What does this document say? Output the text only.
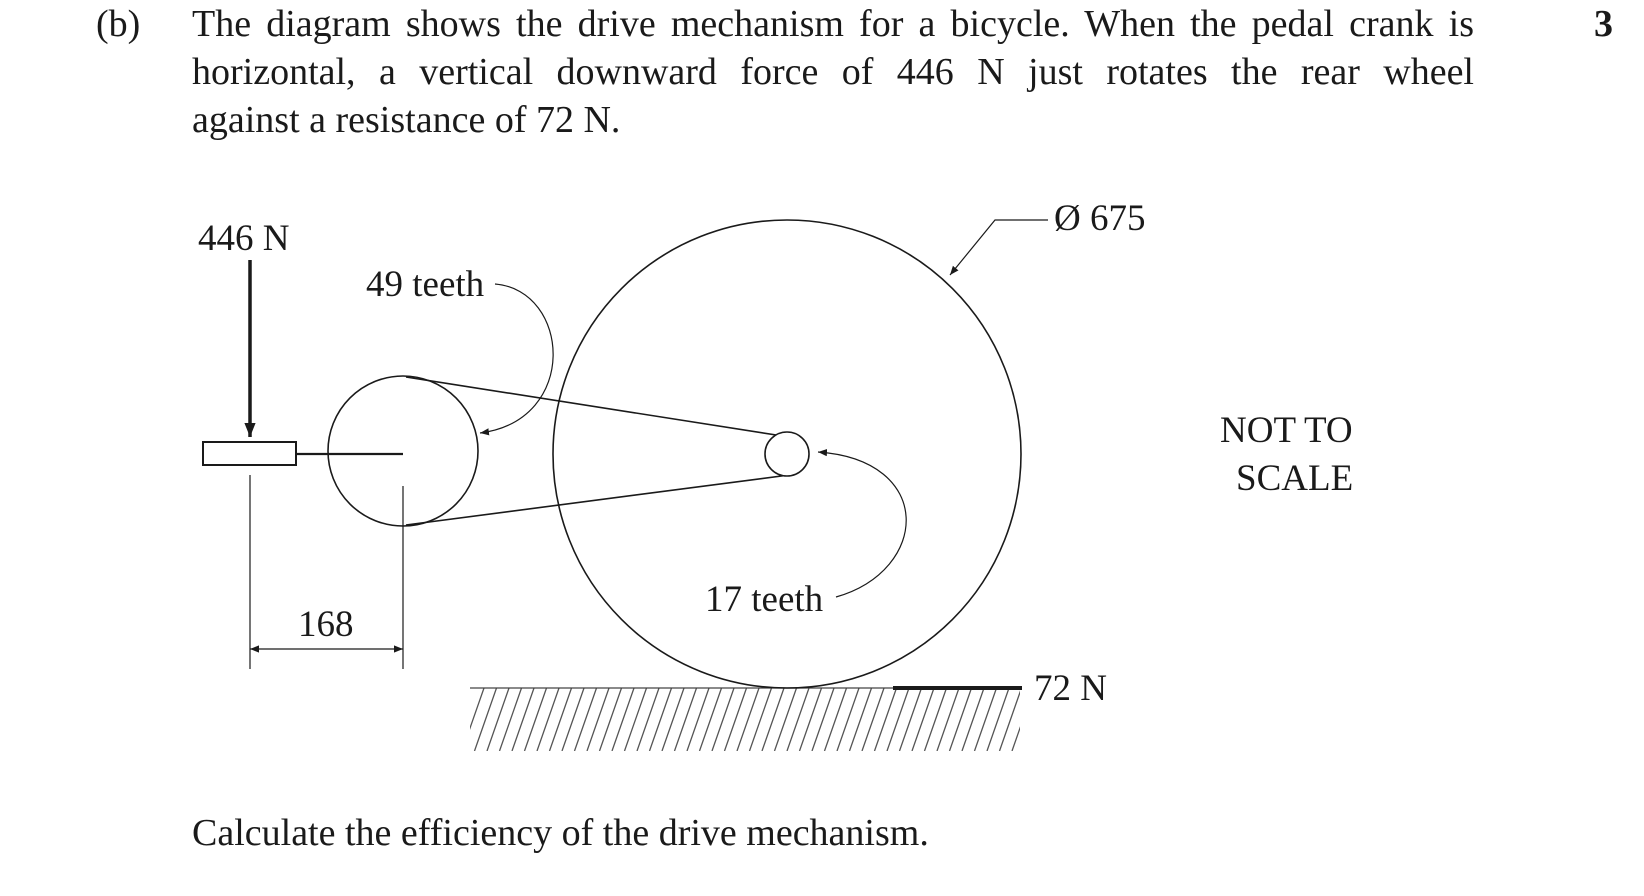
(b)	3
The diagram shows the drive mechanism for a bicycle. When the pedal crank is
horizontal, a vertical downward force of 446 N just rotates the rear wheel
against a resistance of 72 N.
446 N
168
49 teeth
17 teeth
Ø 675
72 N
NOT TO
SCALE
Calculate the efficiency of the drive mechanism.
